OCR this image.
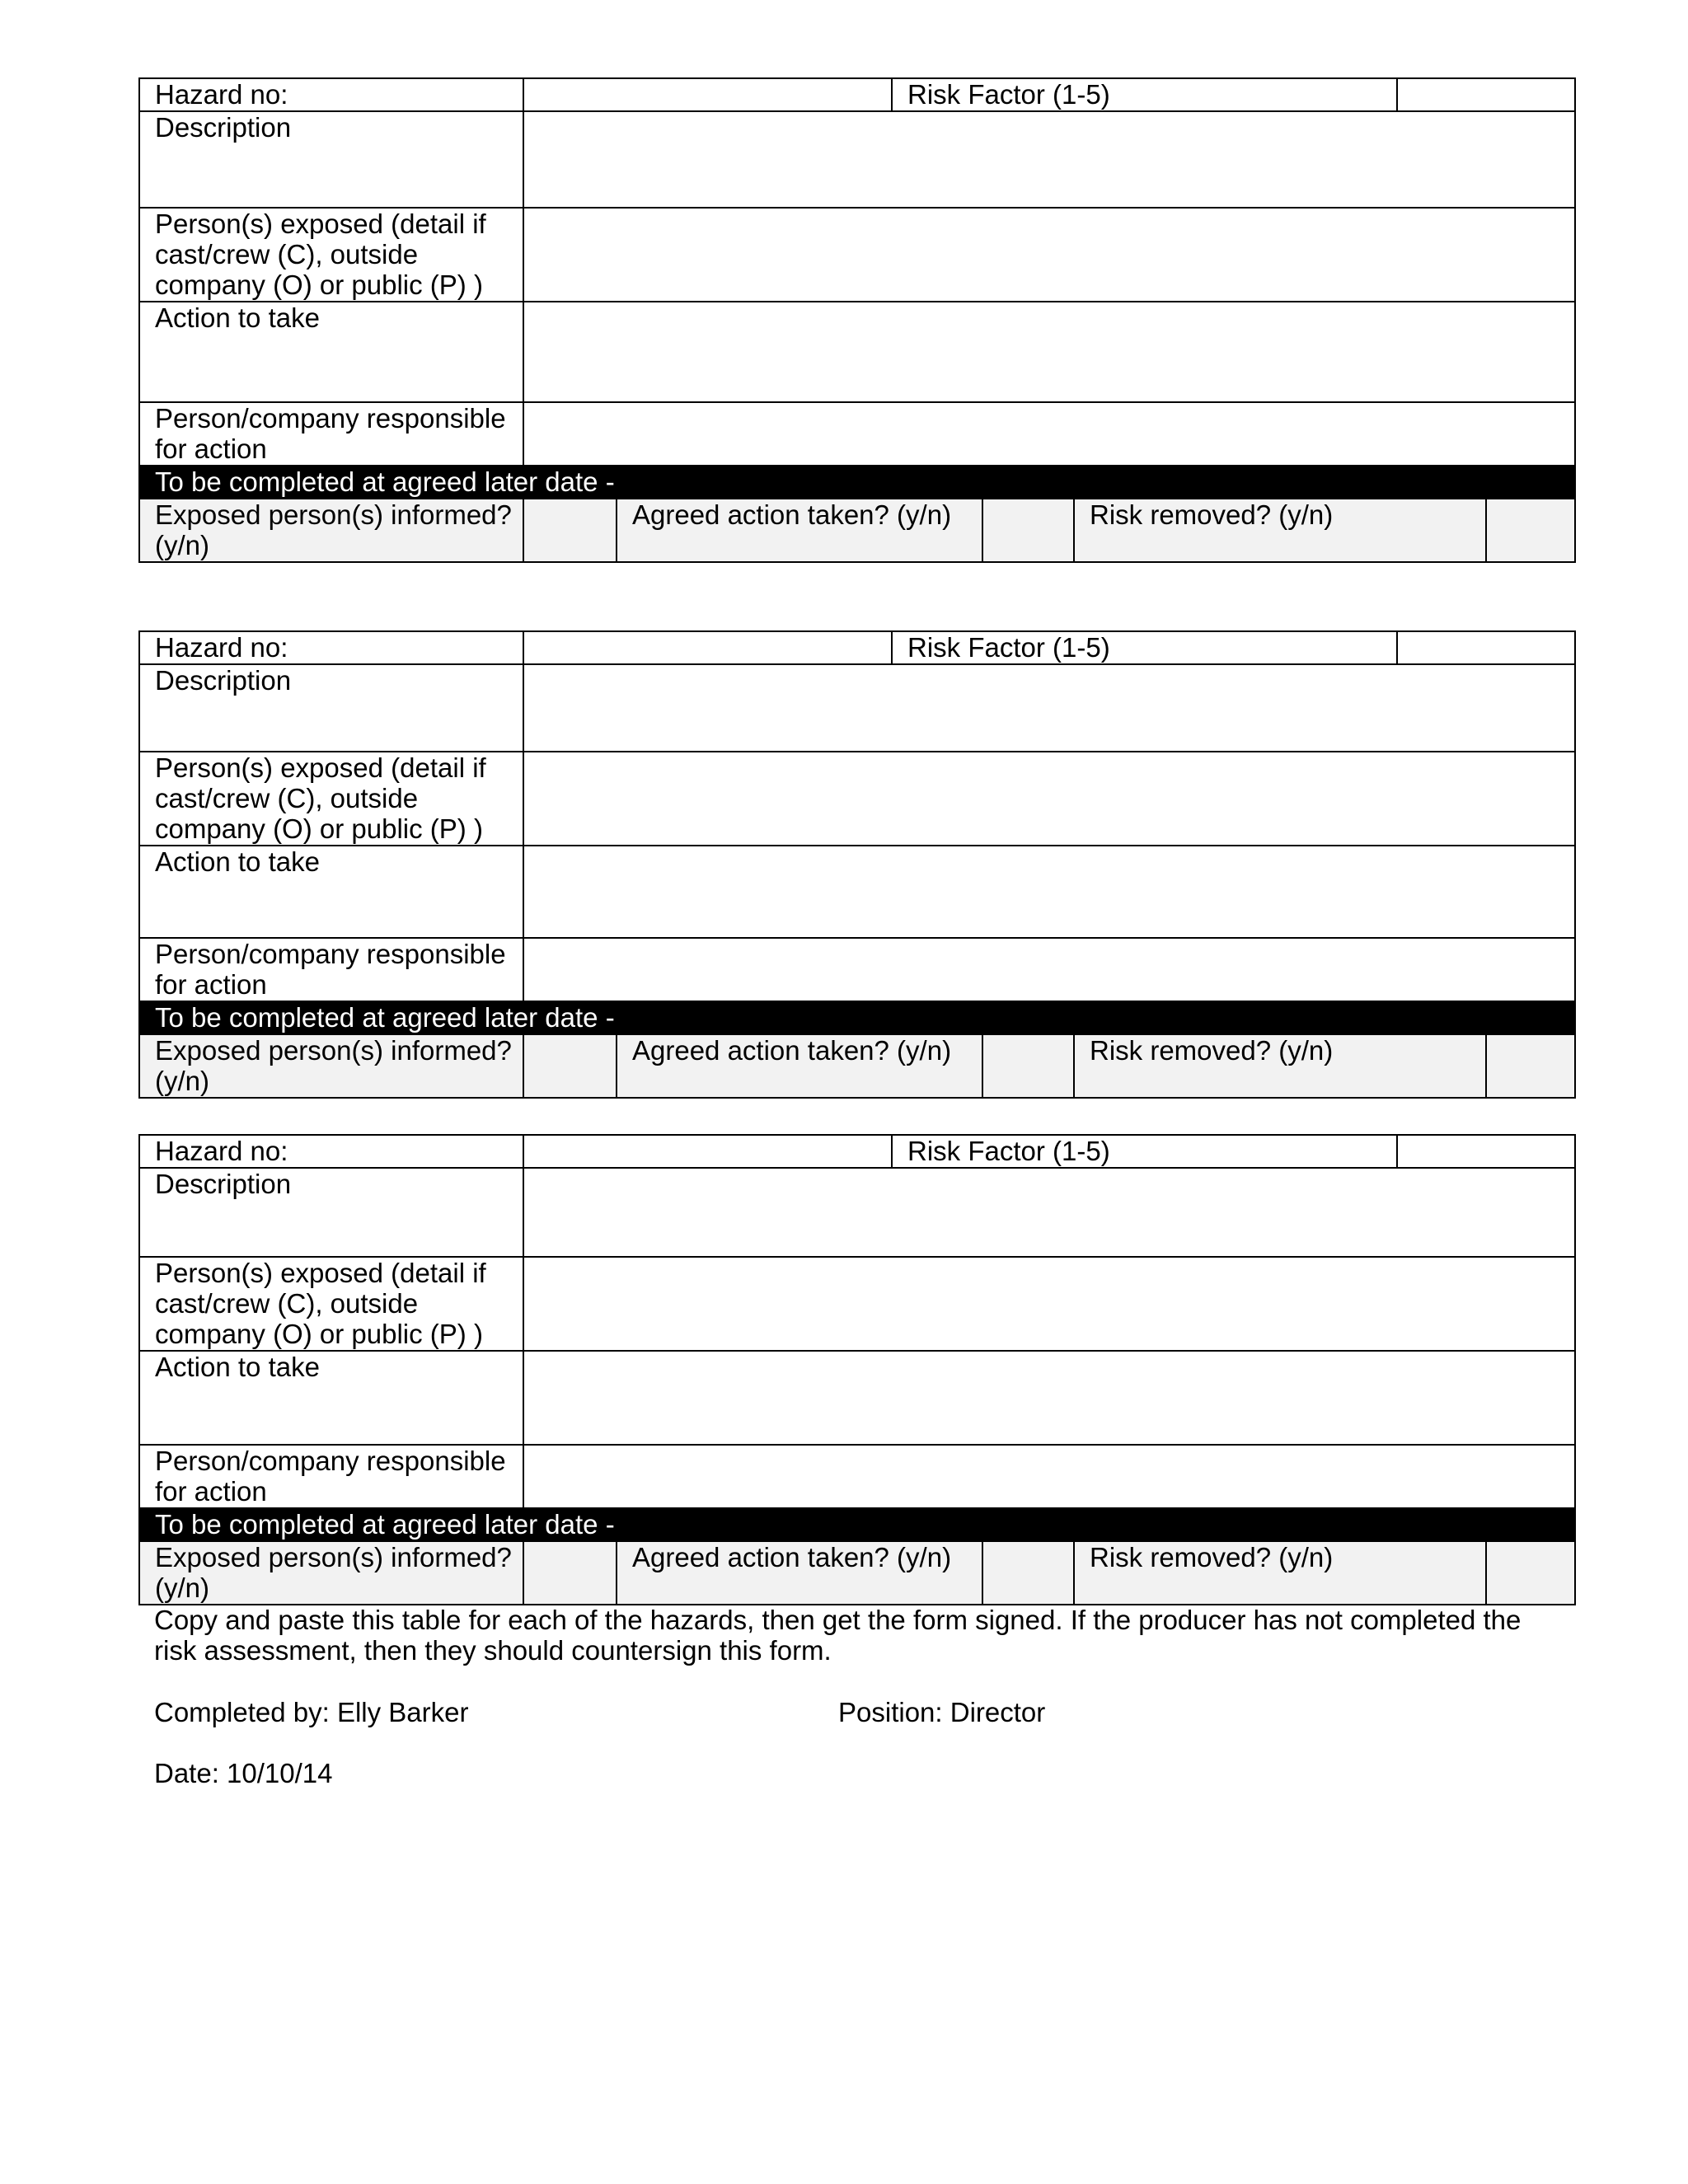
Hazard no:			Risk Factor (1-5)				
Description							
Person(s) exposed (detail if cast/crew (C), outside company (O) or public (P) )							
Action to take							
Person/company responsible for action							
To be completed at agreed later date -							
Exposed person(s) informed? (y/n)		Agreed action taken? (y/n)			Risk removed? (y/n)		
Hazard no:			Risk Factor (1-5)				
Description							
Person(s) exposed (detail if cast/crew (C), outside company (O) or public (P) )							
Action to take							
Person/company responsible for action							
To be completed at agreed later date -							
Exposed person(s) informed? (y/n)		Agreed action taken? (y/n)			Risk removed? (y/n)		
Hazard no:			Risk Factor (1-5)				
Description							
Person(s) exposed (detail if cast/crew (C), outside company (O) or public (P) )							
Action to take							
Person/company responsible for action							
To be completed at agreed later date -							
Exposed person(s) informed? (y/n)		Agreed action taken? (y/n)			Risk removed? (y/n)		
Copy and paste this table for each of the hazards, then get the form signed. If the producer has not completed the risk assessment, then they should countersign this form.
Completed by: Elly Barker	Position: Director
Date: 10/10/14
